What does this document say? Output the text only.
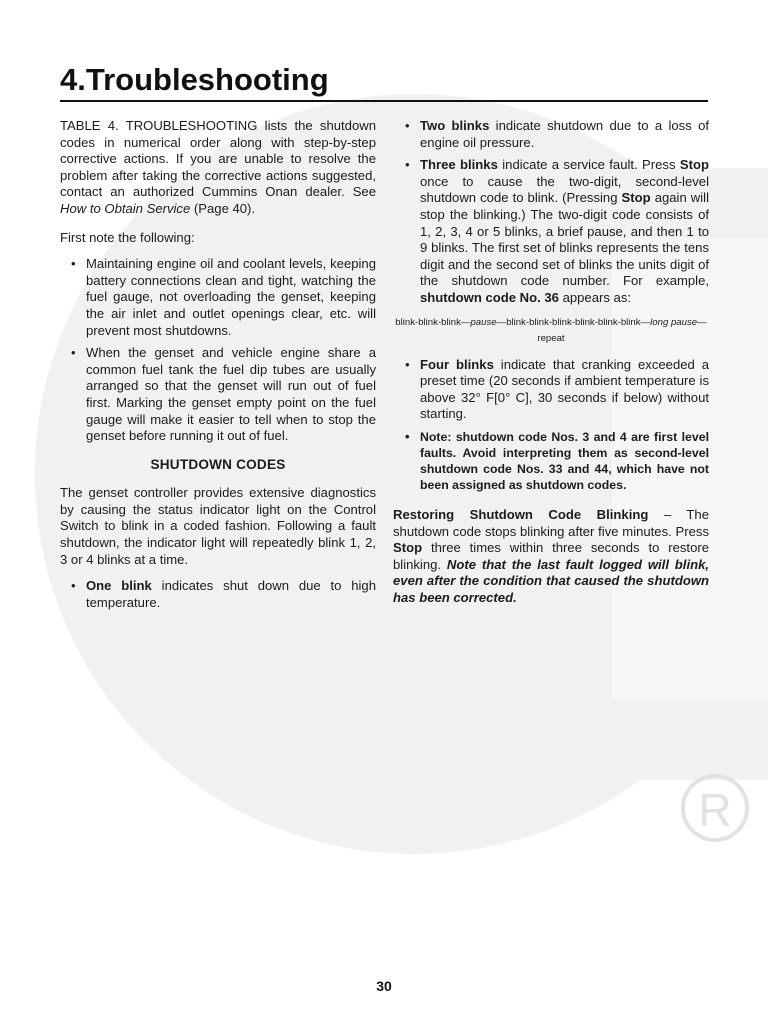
R
4.Troubleshooting

TABLE 4. TROUBLESHOOTING lists the shutdown codes in numerical order along with step-by-step corrective actions. If you are unable to resolve the problem after taking the corrective actions suggested, contact an authorized Cummins Onan dealer. See How to Obtain Service (Page 40).

First note the following:

• Maintaining engine oil and coolant levels, keeping battery connections clean and tight, watching the fuel gauge, not overloading the genset, keeping the air inlet and outlet openings clear, etc. will prevent most shutdowns.
• When the genset and vehicle engine share a common fuel tank the fuel dip tubes are usually arranged so that the genset will run out of fuel first. Marking the genset empty point on the fuel gauge will make it easier to tell when to stop the genset before running it out of fuel.
SHUTDOWN CODES

The genset controller provides extensive diagnostics by causing the status indicator light on the Control Switch to blink in a coded fashion. Following a fault shutdown, the indicator light will repeatedly blink 1, 2, 3 or 4 blinks at a time.

• One blink indicates shut down due to high temperature.
• Two blinks indicate shutdown due to a loss of engine oil pressure.
• Three blinks indicate a service fault. Press Stop once to cause the two-digit, second-level shutdown code to blink. (Pressing Stop again will stop the blinking.) The two-digit code consists of 1, 2, 3, 4 or 5 blinks, a brief pause, and then 1 to 9 blinks. The first set of blinks represents the tens digit and the second set of blinks the units digit of the shutdown code number. For example, shutdown code No. 36 appears as:
blink-blink-blink—pause—blink-blink-blink-blink-blink-blink—long pause—repeat
• Four blinks indicate that cranking exceeded a preset time (20 seconds if ambient temperature is above 32° F[0° C], 30 seconds if below) without starting.
• Note: shutdown code Nos. 3 and 4 are first level faults. Avoid interpreting them as second-level shutdown code Nos. 33 and 44, which have not been assigned as shutdown codes.

Restoring Shutdown Code Blinking – The shutdown code stops blinking after five minutes. Press Stop three times within three seconds to restore blinking. Note that the last fault logged will blink, even after the condition that caused the shutdown has been corrected.

30
